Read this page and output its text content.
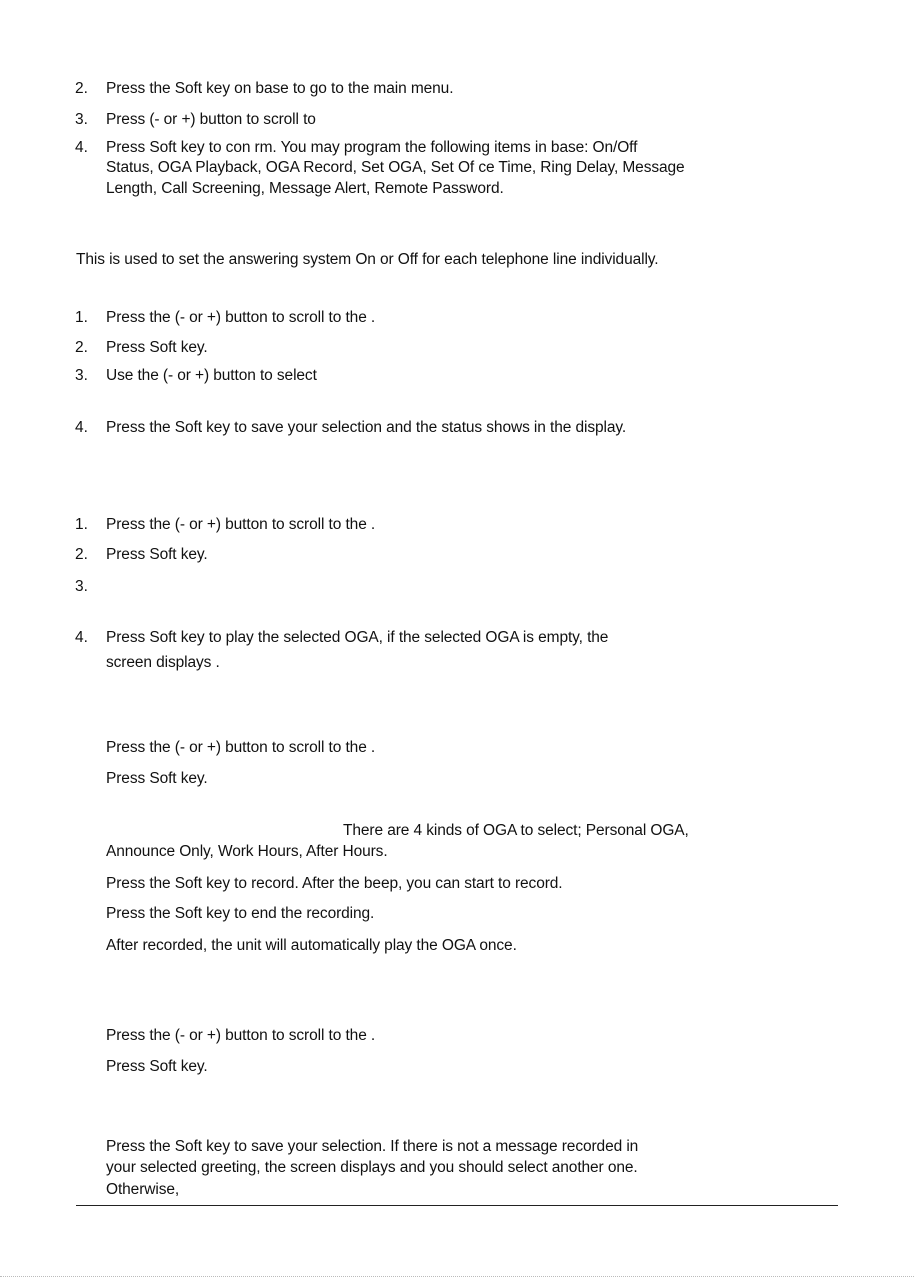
2. Press the Soft key on base to go to the main menu.
3. Press (- or +) button to scroll to
4. Press Soft key to con rm. You may program the following items in base: On/Off
Status, OGA Playback, OGA Record, Set OGA, Set Of ce Time, Ring Delay, Message
Length, Call Screening, Message Alert, Remote Password.
This is used to set the answering system On or Off for each telephone line individually.
1. Press the (- or +) button to scroll to the .
2. Press Soft key.
3. Use the (- or +) button to select
4. Press the Soft key to save your selection and the status shows in the display.
1. Press the (- or +) button to scroll to the .
2. Press Soft key.
3.
4. Press Soft key to play the selected OGA, if the selected OGA is empty, the
screen displays .
Press the (- or +) button to scroll to the .
Press Soft key.
There are 4 kinds of OGA to select; Personal OGA,
Announce Only, Work Hours, After Hours.
Press the Soft key to record. After the beep, you can start to record.
Press the Soft key to end the recording.
After recorded, the unit will automatically play the OGA once.
Press the (- or +) button to scroll to the .
Press Soft key.
Press the Soft key to save your selection. If there is not a message recorded in
your selected greeting, the screen displays and you should select another one.
Otherwise,
